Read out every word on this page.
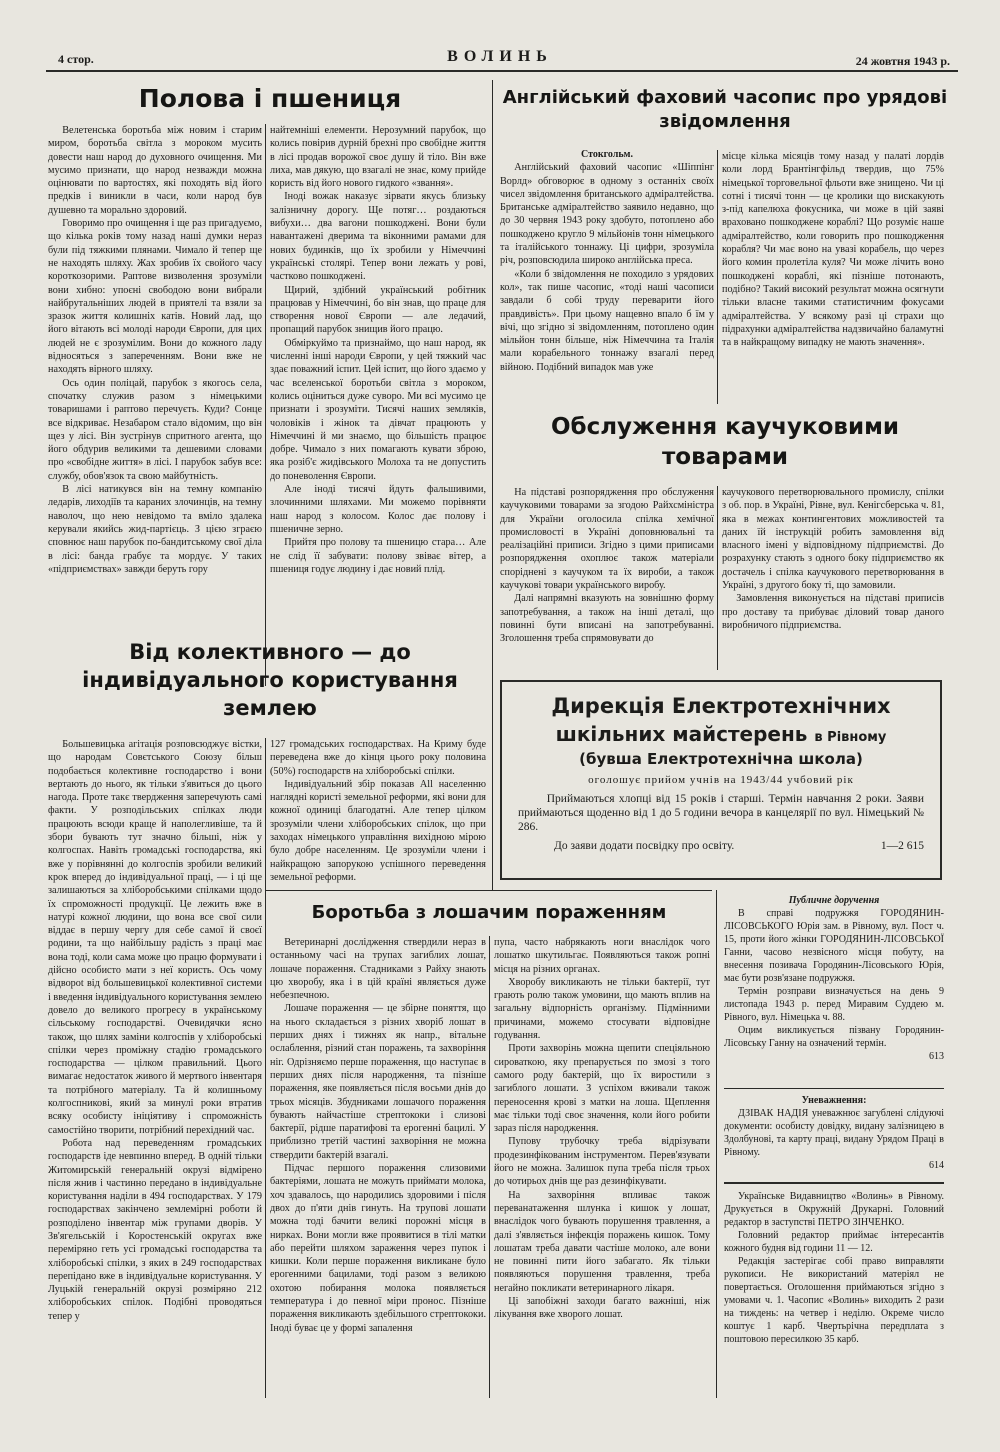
4 стор.	ВОЛИНЬ	24 жовтня 1943 р.
Полова і пшениця

Велетенська боротьба між новим і старим миром, боротьба світла з мороком мусить довести наш народ до духовного очищення. Ми мусимо признати, що народ незважди можна оцінювати по вартостях, які походять від його предків і виникли в часи, коли народ був душевно та морально здоровий.

Говоримо про очищення і ще раз пригадуємо, що кілька років тому назад наші думки нераз були під тяжкими плянами. Чимало й тепер ще не находять шляху. Жах зробив їх свойого часу короткозорими. Раптове визволення зрозуміли вони хибно: упоєні свободою вони вибрали найбрутальніших людей в приятелі та взяли за зразок життя колишніх катів. Новий лад, що його вітають всі молоді народи Європи, для цих людей не є зрозумілим. Вони до кожного ладу відносяться з запереченням. Вони вже не находять вірного шляху.

Ось один поліцай, парубок з якогось села, спочатку служив разом з німецькими товаришами і раптово перечуєть. Куди? Сонце все відкриває. Незабаром стало відомим, що він щез у лісі. Він зустрінув спритного агента, що його обдурив великими та дешевими словами про «свобідне життя» в лісі. І парубок забув все: службу, обов'язок та свою майбутність.

В лісі натикувся він на темну компанію ледарів, лиходіїв та караних злочинців, на темну наволоч, що нею невідомо та вміло здалека керували якийсь жид-партієць. З цією зграєю сповнює наш парубок по-бандитському свої діла в лісі: банда грабує та мордує. У таких «підприємствах» завжди беруть гору

найтемніші елементи. Нерозумний парубок, що колись повірив дурній брехні про свобідне життя в лісі продав ворожої своє душу й тіло. Він вже лиха, мав дякую, що взагалі не знає, кому прийде користь від його нового гидкого «звання».

Іноді вожак наказує зірвати якусь близьку залізничну дорогу. Ще потяг… роздаються вибухи… два вагони пошкоджені. Вони були навантажені дверима та віконними рамами для нових будинків, що їх зробили у Німеччині українські столярі. Тепер вони лежать у рові, частково пошкоджені.

Щирий, здібний український робітник працював у Німеччині, бо він знав, що праце для створення нової Європи — але ледачий, пропащий парубок знищив його працю.

Обміркуймо та признаймо, що наш народ, як численні інші народи Європи, у цей тяжкий час здає поважний іспит. Цей іспит, що його здаємо у час вселенської боротьби світла з мороком, колись оціниться дуже суворо. Ми всі мусимо це признати і зрозуміти. Тисячі наших земляків, чоловіків і жінок та дівчат працюють у Німеччині й ми знаємо, що більшість працює добре. Чимало з них помагають кувати зброю, яка розіб'є жидівського Молоха та не допустить до поневолення Європи.

Але іноді тисячі йдуть фальшивими, злочинними шляхами. Ми можемо порівняти наш народ з колосом. Колос дає полову і пшеничне зерно.

Прийтя про полову та пшеницю стара… Але не слід її забувати: полову звіває вітер, а пшениця годує людину і дає новий плід.

Від колективного — до індивідуального користування землею

Большевицька агітація розповсюджує вістки, що народам Совєтського Союзу більш подобається колективне господарство і вони вертають до нього, як тільки з'явиться до цього нагода. Проте такє твердження заперечують самі факти. У розподільських спілках люди працюють всюди краще й наполегливіше, та й збори бувають тут значно більші, ніж у колгоспах. Навіть громадські господарства, які вже у порівнянні до колгоспів зробили великий крок вперед до індивідуальної праці, — і ці ще залишаються за хліборобськими спілками щодо їх спроможності продукції. Це лежить вже в натурі кожної людини, що вона все свої сили віддає в першу чергу для себе самої й своєї родини, та що найбільшу радість з праці має вона тоді, коли сама може цю працю формувати і дійсно особисто мати з неї користь. Ось чому відвороt від большевицької колективної системи і введення індивідуального користування землею довело до великого прогресу в українському сільському господарстві. Очевидячки ясно також, що шлях заміни колгоспів у хліборобські спілки через проміжну стадію громадського господарства — цілком правильний. Цього вимагає недостаток живого й мертвого інвентаря та потрібного матеріалу. Та й колишньому колгоспникові, який за минулі роки втратив всяку особисту ініціятиву і спроможність самостійно творити, потрібний перехідний час.

Робота над переведенням громадських господарств іде невпинно вперед. В одній тільки Житомирській генеральній окрузі відмірено після жнив і частинно передано в індивідуальне користування наділи в 494 господарствах. У 179 господарствах закінчено землемірні роботи й розподілено інвентар між групами дворів. У Зв'ягельській і Коростенській округах вже переміряно геть усі громадські господарства та хліборобські спілки, з яких в 249 господарствах перепідано вже в індивідуальне користування. У Луцькій генеральній окрузі розміряно 212 хліборобських спілок. Подібні проводяться тепер у

127 громадських господарствах. На Криму буде переведена вже до кінця цього року половина (50%) господарств на хліборобські спілки.

Індивідуальний збір показав All населенню наглядні користі земельної реформи, які вони для кожної одиниці благодатні. Але тепер цілком зрозуміли члени хліборобських спілок, що при заходах німецького управління вихідною мірою було добре населенням. Це зрозуміли члени і найкращою запорукою успішного переведення земельної реформи.

Англійський фаховий часопис про урядові звідомлення
Стокгольм.

Англійський фаховий часопис «Шіппінг Ворлд» обговорює в одному з останніх своїх чисел звідомлення британського адміралтейства. Британське адміралтейство заявило недавно, що до 30 червня 1943 року здобуто, потоплено або пошкоджено круглo 9 мільйонів тонн німецького та італійського тоннажу. Ці цифри, зрозуміла річ, розповсюдила широко англійська преса.

«Коли б звідомлення не походило з урядових кол», так пише часопис, «тоді наші часописи завдали б собі труду переварити його правдивість». При цьому нащевно впало б їм у вічі, що згідно зі звідомленням, потоплено один мільйон тонн більше, ніж Німеччина та Італія мали корабельного тоннажу взагалі перед війною. Подібний випадок мав уже

місце кілька місяців тому назад у палаті лордів коли лорд Брантінгфільд твердив, що 75% німецької торговельної фльоти вже знищено. Чи ці сотні і тисячі тонн — це кролики що вискакують з-під капелюха фокусника, чи може в цій заяві враховано пошкоджене кораблі? Що розуміє наше адміралтейство, коли говорить про пошкодження корабля? Чи має воно на увазі корабель, що через його комин пролетіла куля? Чи може лічить воно пошкоджені кораблі, які пізніше потонають, подібно? Такий високий результат можна осягнути тільки власне такими статистичним фокусами адміралтейства. У всякому разі ці страхи що підрахунки адміралтейства надзвичайно баламутні та в найкращому випадку не мають значення».

Обслуження каучуковими товарами

На підставі розпорядження про обслуження каучуковими товарами за згодою Райхсміністра для України оголосила спілка хемічної промисловості в Україні доповнювальні та реалізаційні приписи. Згідно з цими приписами розпорядження охоплює також матеріали споріднені з каучуком та їх вироби, а також каучукові товари українського виробу.

Далі напрямні вказують на зовнішню форму запотребування, а також на інші деталі, що повинні бути вписані на запотребуванні. Зголошення треба спрямовувати до

каучукового перетворювального промислу, спілки з об. пор. в Україні, Рівне, вул. Кенігсберська ч. 81, яка в межах контингентових можливостей та даних їй інструкцій робить замовлення від власного імені у відповідному підприємстві. До розрахунку стають з одного боку підприємство як достачель і спілка каучукового перетворювання в Україні, з другого боку ті, що замовили.

Замовлення виконується на підставі приписів про доставу та прибуває діловий товар даного виробничого підприємства.

Дирекція Електротехнічних
шкільних майстерень в Рівному
(бувша Електротехнічна школа)
оголошує прийом учнів на 1943/44 учбовий рік
Приймаються хлопці від 15 років і старші. Термін навчання 2 роки. Заяви приймаються щоденно від 1 до 5 години вечора в канцелярії по вул. Німецький № 286.
До заяви додати посвідку про освіту.	1—2 615
Боротьба з лошачим пораженням

Ветеринарні дослідження ствердили нераз в останньому часі на трупах загиблих лошат, лошаче пораження. Стадниками з Райху знають цю хворобу, яка і в цій країні являється дуже небезпечною.

Лошаче пораження — це збірне поняття, що на нього складається з різних хворіб лошат в перших днях і тижнях як напр., вітальне ослаблення, різний стан поражень, та захворіння ніг. Одрізняємо перше пораження, що наступає в перших днях після народження, та пізніше пораження, яке появляється після восьми днів до трьох місяців. Збудниками лошачого пораження бувають найчастіше стрептококи і слизові бактерії, рідше паратифові та ерогенні бацилі. У приблизно третій частині захворіння не можна ствердити бактерій взагалі.

Підчас першого пораження слизовими бактеріями, лошата не можуть приймати молока, хоч здавалось, що народились здоровими і після двох до п'яти днів гинуть. На трупові лошати можна тоді бачити великі порожні місця в нирках. Вони могли вже проявитися в тілі матки або перейти шляхом зараження через пупок і кишки. Коли перше пораження викликане було ерогенними бацилами, тоді разом з великою охотою побирання молока появляється температура і до певної міри пронос. Пізніше пораження викликають здебільшого стрептококи. Іноді буває це у формі запалення

пупа, часто набрякають ноги внаслідок чого лошатко шкутильгає. Появляються також ропні місця на різних органах.

Хворобу викликають не тільки бактерії, тут грають ролю також умовини, що мають вплив на загальну відпорність організму. Підмінними причинами, можемо стосувати відповідне годування.

Проти захворінь можна щепити спеціяльною сироваткою, яку препарується по змозі з того самого роду бактерій, що їх виростили з загиблого лошати. З успіхом вживали також переносення крові з матки на лоша. Щеплення має тільки тоді своє значення, коли його робити зараз після народження.

Пупову трубочку треба відрізувати продезинфікованим інструментом. Перев'язувати його не можна. Залишок пупа треба після трьох до чотирьох днів ще раз дезинфікувати.

На захворіння впливає також переванатаження шлунка і кишок у лошат, внаслідок чого бувають порушення травлення, а далі з'являється інфекція поражень кишок. Тому лошатам треба давати частіше молоко, але вони не повинні пити його забагато. Як тільки появляються порушення травлення, треба негайно покликати ветеринарного лікаря.

Ці запобіжні заходи багато важніші, ніж лікування вже хворого лошат.

Публичне доручення

В справі подружжя ГОРОДЯНИН-ЛІСОВСЬКОГО Юрія зам. в Рівному, вул. Пост ч. 15, проти його жінки ГОРОДЯНИН-ЛІСОВСЬКОЇ Ганни, часово незвісного місця побуту, на внесення позивача Городянин-Лісовського Юрія, має бути розв'язане подружжя.

Термін розправи визначується на день 9 листопада 1943 р. перед Миравим Суддею м. Рівного, вул. Німецька ч. 88.

Оцим викликується пізвану Городянин-Лісовську Ганну на означений термін.

613
Уневажнення:

ДЗІВАК НАДІЯ уневажнює загублені слідуючі документи: особисту довідку, видану залізницею в Здолбунові, та карту праці, видану Урядом Праці в Рівному.

614

Українське Видавництво «Волинь» в Рівному. Друкується в Окружній Друкарні. Головний редактор в заступстві ПЕТРО ЗІНЧЕНКО.

Головний редактор приймає інтересантів кожного будня від години 11 — 12.

Редакція застерігає собі право виправляти рукописи. Не використаний матеріял не повертається. Оголошення приймаються згідно з умовами ч. 1. Часопис «Волинь» виходить 2 рази на тиждень: на четвер і неділю. Окреме число коштує 1 карб. Чвертьрічна передплата з поштовою пересилкою 35 карб.
